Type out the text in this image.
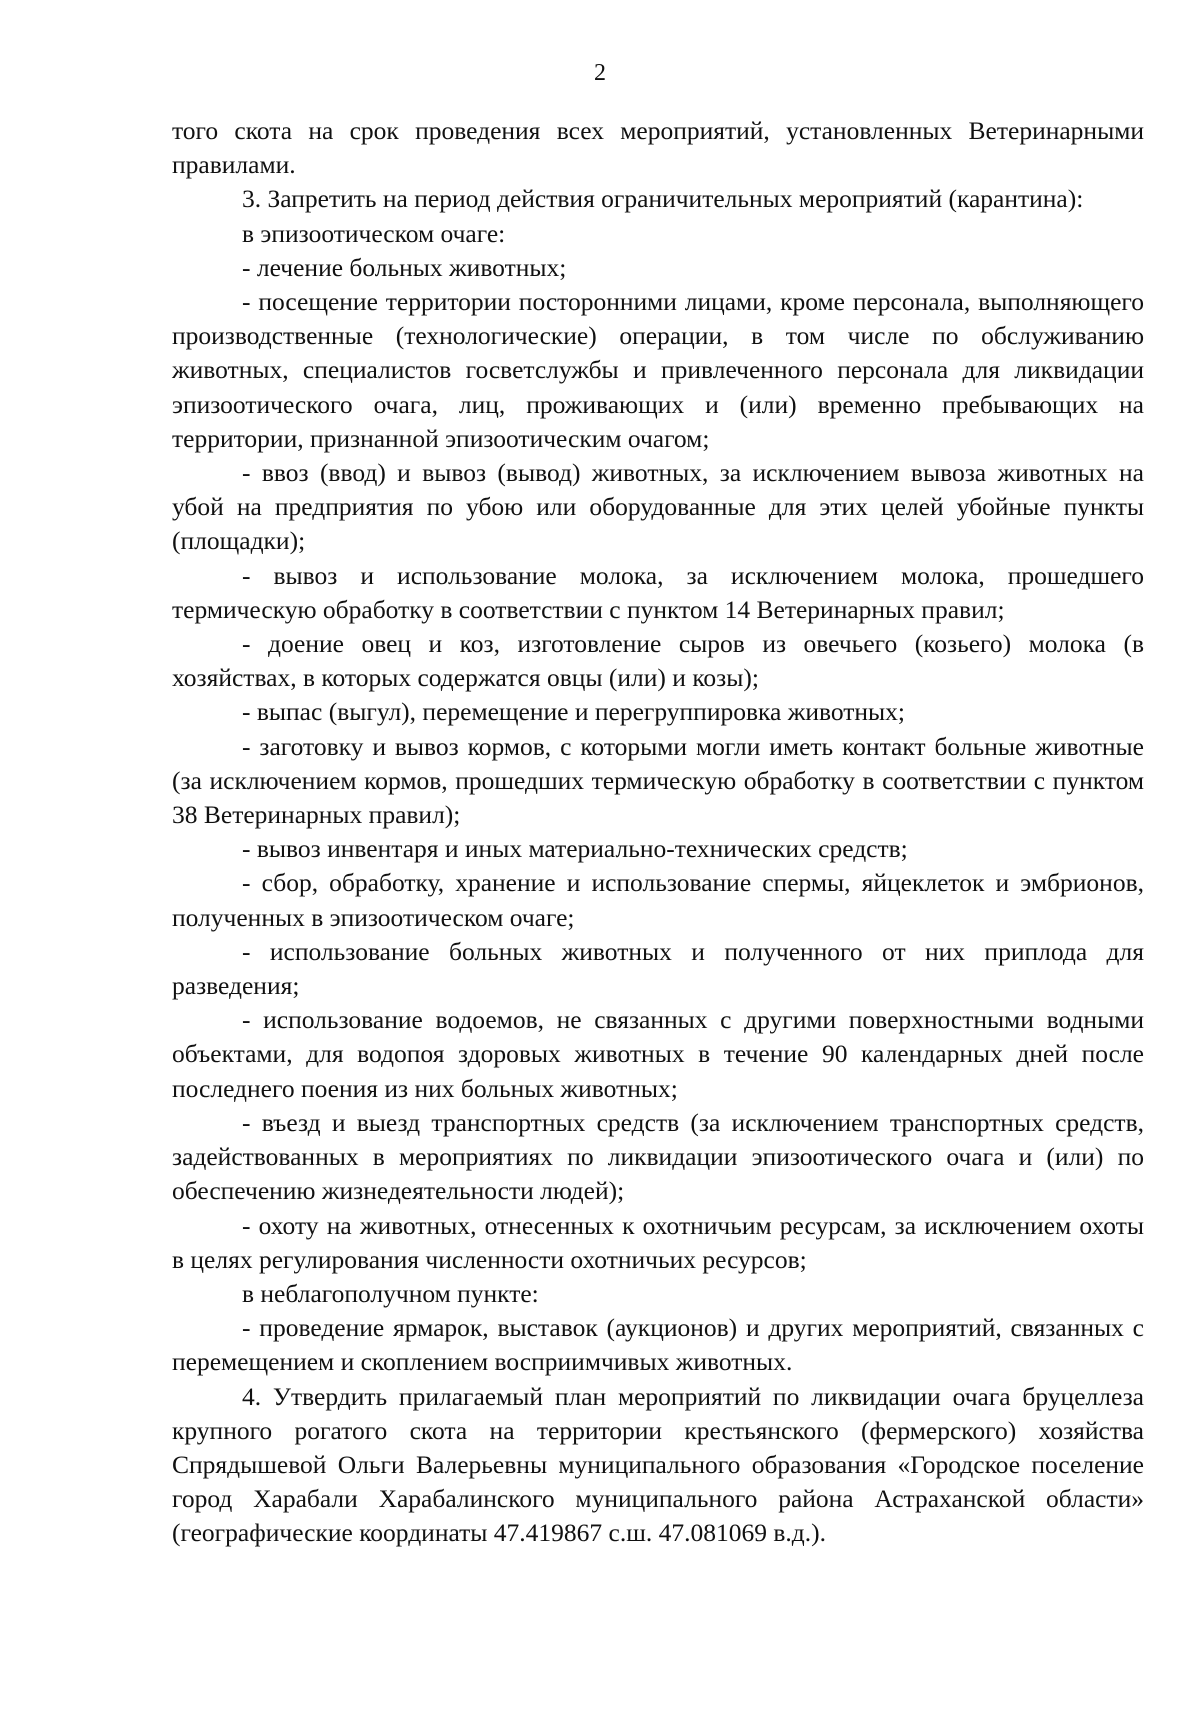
2

того скота на срок проведения всех мероприятий, установленных Ветеринарными правилами.

3. Запретить на период действия ограничительных мероприятий (карантина):

в эпизоотическом очаге:

- лечение больных животных;

- посещение территории посторонними лицами, кроме персонала, выполняющего производственные (технологические) операции, в том числе по обслуживанию животных, специалистов госветслужбы и привлеченного персонала для ликвидации эпизоотического очага, лиц, проживающих и (или) временно пребывающих на территории, признанной эпизоотическим очагом;

- ввоз (ввод) и вывоз (вывод) животных, за исключением вывоза животных на убой на предприятия по убою или оборудованные для этих целей убойные пункты (площадки);

- вывоз и использование молока, за исключением молока, прошедшего термическую обработку в соответствии с пунктом 14 Ветеринарных правил;

- доение овец и коз, изготовление сыров из овечьего (козьего) молока (в хозяйствах, в которых содержатся овцы (или) и козы);

- выпас (выгул), перемещение и перегруппировка животных;

- заготовку и вывоз кормов, с которыми могли иметь контакт больные животные (за исключением кормов, прошедших термическую обработку в соответствии с пунктом 38 Ветеринарных правил);

- вывоз инвентаря и иных материально-технических средств;

- сбор, обработку, хранение и использование спермы, яйцеклеток и эмбрионов, полученных в эпизоотическом очаге;

- использование больных животных и полученного от них приплода для разведения;

- использование водоемов, не связанных с другими поверхностными водными объектами, для водопоя здоровых животных в течение 90 календарных дней после последнего поения из них больных животных;

- въезд и выезд транспортных средств (за исключением транспортных средств, задействованных в мероприятиях по ликвидации эпизоотического очага и (или) по обеспечению жизнедеятельности людей);

- охоту на животных, отнесенных к охотничьим ресурсам, за исключением охоты в целях регулирования численности охотничьих ресурсов;

в неблагополучном пункте:

- проведение ярмарок, выставок (аукционов) и других мероприятий, связанных с перемещением и скоплением восприимчивых животных.

4. Утвердить прилагаемый план мероприятий по ликвидации очага бруцеллеза крупного рогатого скота на территории крестьянского (фермерского) хозяйства Спрядышевой Ольги Валерьевны муниципального образования «Городское поселение город Харабали Харабалинского муниципального района Астраханской области» (географические координаты 47.419867 с.ш. 47.081069 в.д.).
